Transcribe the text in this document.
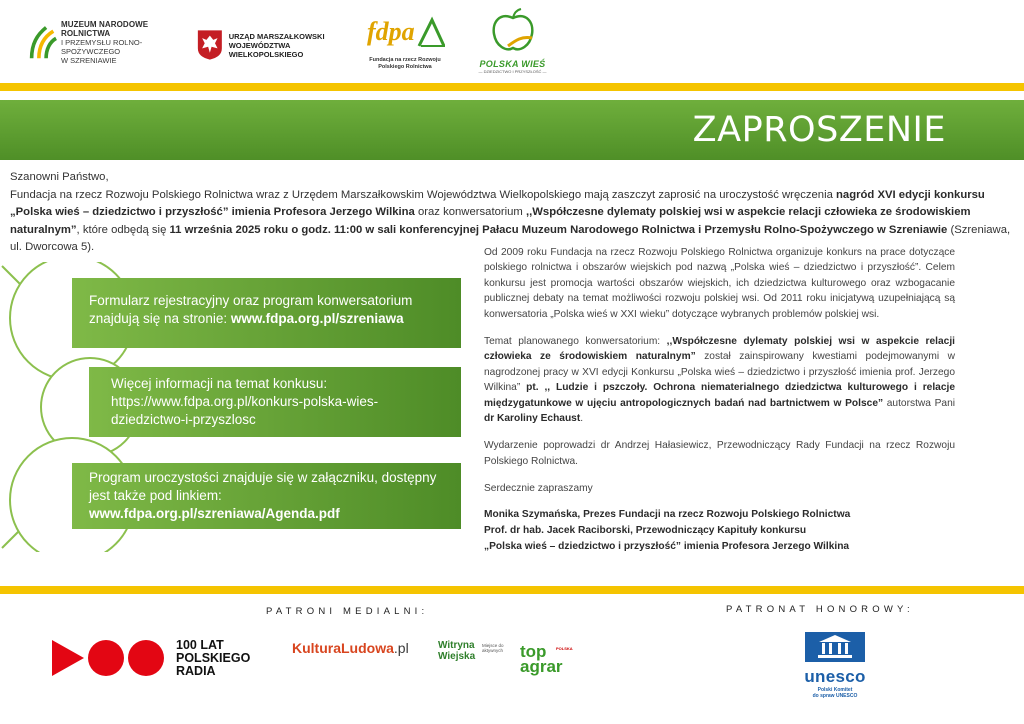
MUZEUM NARODOWE ROLNICTWA
I PRZEMYSŁU ROLNO-SPOŻYWCZEGO
W SZRENIAWIE
URZĄD MARSZAŁKOWSKI
WOJEWÓDZTWA WIELKOPOLSKIEGO
fdpa
Fundacja na rzecz Rozwoju
Polskiego Rolnictwa	POLSKA WIEŚ
— DZIEDZICTWO I PRZYSZŁOŚĆ —
ZAPROSZENIE
Szanowni Państwo,
Fundacja na rzecz Rozwoju Polskiego Rolnictwa wraz z Urzędem Marszałkowskim Województwa Wielkopolskiego mają zaszczyt zaprosić na uroczystość wręczenia nagród XVI edycji konkursu „Polska wieś – dziedzictwo i przyszłość” imienia Profesora Jerzego Wilkina oraz konwersatorium ,,Współczesne dylematy polskiej wsi w aspekcie relacji człowieka ze środowiskiem naturalnym”, które odbędą się 11 września 2025 roku o godz. 11:00 w sali konferencyjnej Pałacu Muzeum Narodowego Rolnictwa i Przemysłu Rolno-Spożywczego w Szreniawie (Szreniawa, ul. Dworcowa 5).
Formularz rejestracyjny oraz program konwersatorium znajdują się na stronie: www.fdpa.org.pl/szreniawa
Więcej informacji na temat konkusu: https://www.fdpa.org.pl/konkurs-polska-wies-dziedzictwo-i-przyszlosc
Program uroczystości znajduje się w załączniku, dostępny jest także pod linkiem:
www.fdpa.org.pl/szreniawa/Agenda.pdf

Od 2009 roku Fundacja na rzecz Rozwoju Polskiego Rolnictwa organizuje konkurs na prace dotyczące polskiego rolnictwa i obszarów wiejskich pod nazwą „Polska wieś – dziedzictwo i przyszłość”. Celem konkursu jest promocja wartości obszarów wiejskich, ich dziedzictwa kulturowego oraz wzbogacanie publicznej debaty na temat możliwości rozwoju polskiej wsi. Od 2011 roku inicjatywą uzupełniającą są konwersatoria „Polska wieś w XXI wieku” dotyczące wybranych problemów polskiej wsi.

Temat planowanego konwersatorium: ,,Współczesne dylematy polskiej wsi w aspekcie relacji człowieka ze środowiskiem naturalnym” został zainspirowany kwestiami podejmowanymi w nagrodzonej pracy w XVI edycji Konkursu „Polska wieś – dziedzictwo i przyszłość imienia prof. Jerzego Wilkina” pt. ,, Ludzie i pszczoły. Ochrona niematerialnego dziedzictwa kulturowego i relacje międzygatunkowe w ujęciu antropologicznych badań nad bartnictwem w Polsce” autorstwa Pani dr Karoliny Echaust.

Wydarzenie poprowadzi dr Andrzej Hałasiewicz, Przewodniczący Rady Fundacji na rzecz Rozwoju Polskiego Rolnictwa.

Serdecznie zapraszamy

Monika Szymańska, Prezes Fundacji na rzecz Rozwoju Polskiego Rolnictwa
Prof. dr hab. Jacek Raciborski, Przewodniczący Kapituły konkursu
„Polska wieś – dziedzictwo i przyszłość” imienia Profesora Jerzego Wilkina
PATRONI MEDIALNI:	PATRONAT HONOROWY:
100 LAT
POLSKIEGO
RADIA
KulturaLudowa.pl	Witryna
Wiejska
Miejsce do aktywnych	POLSKA
top
agrar
unesco
Polski Komitet
do spraw UNESCO
